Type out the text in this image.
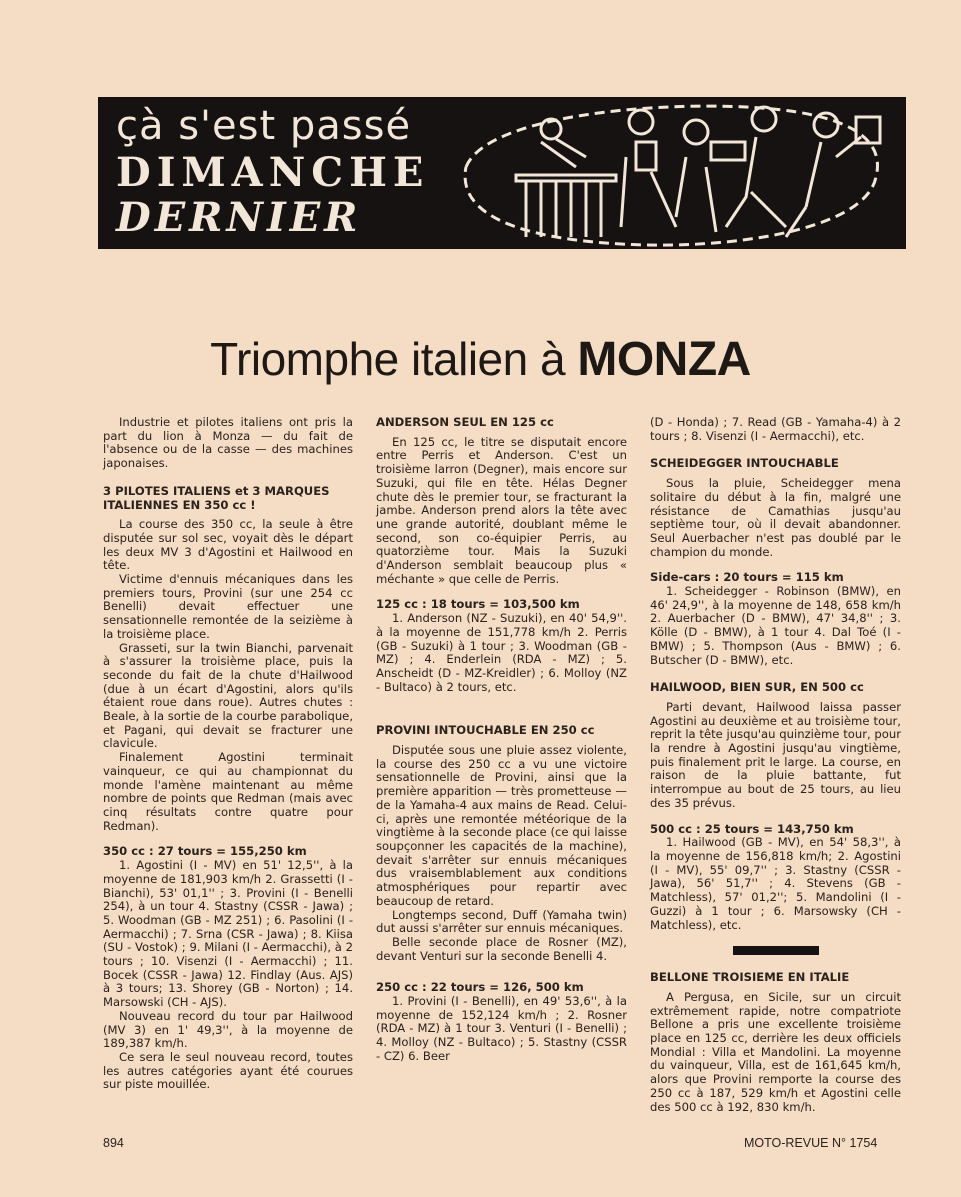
çà s'est passé
DIMANCHE
DERNIER
Triomphe italien à MONZA

Industrie et pilotes italiens ont pris la part du lion à Monza — du fait de l'absence ou de la casse — des machines japonaises.

3 PILOTES ITALIENS et 3 MARQUES ITALIENNES EN 350 cc !

La course des 350 cc, la seule à être disputée sur sol sec, voyait dès le départ les deux MV 3 d'Agostini et Hailwood en tête.

Victime d'ennuis mécaniques dans les premiers tours, Provini (sur une 254 cc Benelli) devait effectuer une sensationnelle remontée de la seizième à la troisième place.

Grasseti, sur la twin Bianchi, parvenait à s'assurer la troisième place, puis la seconde du fait de la chute d'Hailwood (due à un écart d'Agostini, alors qu'ils étaient roue dans roue). Autres chutes : Beale, à la sortie de la courbe parabolique, et Pagani, qui devait se fracturer une clavicule.

Finalement Agostini terminait vainqueur, ce qui au championnat du monde l'amène maintenant au même nombre de points que Redman (mais avec cinq résultats contre quatre pour Redman).

350 cc : 27 tours = 155,250 km

1. Agostini (I - MV) en 51' 12,5'', à la moyenne de 181,903 km/h 2. Grassetti (I - Bianchi), 53' 01,1'' ; 3. Provini (I - Benelli 254), à un tour 4. Stastny (CSSR - Jawa) ; 5. Woodman (GB - MZ 251) ; 6. Pasolini (I - Aermacchi) ; 7. Srna (CSR - Jawa) ; 8. Kiisa (SU - Vostok) ; 9. Milani (I - Aermacchi), à 2 tours ; 10. Visenzi (I - Aermacchi) ; 11. Bocek (CSSR - Jawa) 12. Findlay (Aus. AJS) à 3 tours; 13. Shorey (GB - Norton) ; 14. Marsowski (CH - AJS).

Nouveau record du tour par Hailwood (MV 3) en 1' 49,3'', à la moyenne de 189,387 km/h.

Ce sera le seul nouveau record, toutes les autres catégories ayant été courues sur piste mouillée.

ANDERSON SEUL EN 125 cc

En 125 cc, le titre se disputait encore entre Perris et Anderson. C'est un troisième larron (Degner), mais encore sur Suzuki, qui file en tête. Hélas Degner chute dès le premier tour, se fracturant la jambe. Anderson prend alors la tête avec une grande autorité, doublant même le second, son co-équipier Perris, au quatorzième tour. Mais la Suzuki d'Anderson semblait beaucoup plus « méchante » que celle de Perris.

125 cc : 18 tours = 103,500 km

1. Anderson (NZ - Suzuki), en 40' 54,9''. à la moyenne de 151,778 km/h 2. Perris (GB - Suzuki) à 1 tour ; 3. Woodman (GB - MZ) ; 4. Enderlein (RDA - MZ) ; 5. Anscheidt (D - MZ-Kreidler) ; 6. Molloy (NZ - Bultaco) à 2 tours, etc.

PROVINI INTOUCHABLE EN 250 cc

Disputée sous une pluie assez violente, la course des 250 cc a vu une victoire sensationnelle de Provini, ainsi que la première apparition — très prometteuse — de la Yamaha-4 aux mains de Read. Celui-ci, après une remontée météorique de la vingtième à la seconde place (ce qui laisse soupçonner les capacités de la machine), devait s'arrêter sur ennuis mécaniques dus vraisemblablement aux conditions atmosphériques pour repartir avec beaucoup de retard.

Longtemps second, Duff (Yamaha twin) dut aussi s'arrêter sur ennuis mécaniques.

Belle seconde place de Rosner (MZ), devant Venturi sur la seconde Benelli 4.

250 cc : 22 tours = 126, 500 km

1. Provini (I - Benelli), en 49' 53,6'', à la moyenne de 152,124 km/h ; 2. Rosner (RDA - MZ) à 1 tour 3. Venturi (I - Benelli) ; 4. Molloy (NZ - Bultaco) ; 5. Stastny (CSSR - CZ) 6. Beer

(D - Honda) ; 7. Read (GB - Yamaha-4) à 2 tours ; 8. Visenzi (I - Aermacchi), etc.

SCHEIDEGGER INTOUCHABLE

Sous la pluie, Scheidegger mena solitaire du début à la fin, malgré une résistance de Camathias jusqu'au septième tour, où il devait abandonner. Seul Auerbacher n'est pas doublé par le champion du monde.

Side-cars : 20 tours = 115 km

1. Scheidegger - Robinson (BMW), en 46' 24,9'', à la moyenne de 148, 658 km/h 2. Auerbacher (D - BMW), 47' 34,8'' ; 3. Kölle (D - BMW), à 1 tour 4. Dal Toé (I - BMW) ; 5. Thompson (Aus - BMW) ; 6. Butscher (D - BMW), etc.

HAILWOOD, BIEN SUR, EN 500 cc

Parti devant, Hailwood laissa passer Agostini au deuxième et au troisième tour, reprit la tête jusqu'au quinzième tour, pour la rendre à Agostini jusqu'au vingtième, puis finalement prit le large. La course, en raison de la pluie battante, fut interrompue au bout de 25 tours, au lieu des 35 prévus.

500 cc : 25 tours = 143,750 km

1. Hailwood (GB - MV), en 54' 58,3'', à la moyenne de 156,818 km/h; 2. Agostini (I - MV), 55' 09,7'' ; 3. Stastny (CSSR - Jawa), 56' 51,7'' ; 4. Stevens (GB - Matchless), 57' 01,2''; 5. Mandolini (I - Guzzi) à 1 tour ; 6. Marsowsky (CH - Matchless), etc.

BELLONE TROISIEME EN ITALIE

A Pergusa, en Sicile, sur un circuit extrêmement rapide, notre compatriote Bellone a pris une excellente troisième place en 125 cc, derrière les deux officiels Mondial : Villa et Mandolini. La moyenne du vainqueur, Villa, est de 161,645 km/h, alors que Provini remporte la course des 250 cc à 187, 529 km/h et Agostini celle des 500 cc à 192, 830 km/h.

894	MOTO-REVUE N° 1754
